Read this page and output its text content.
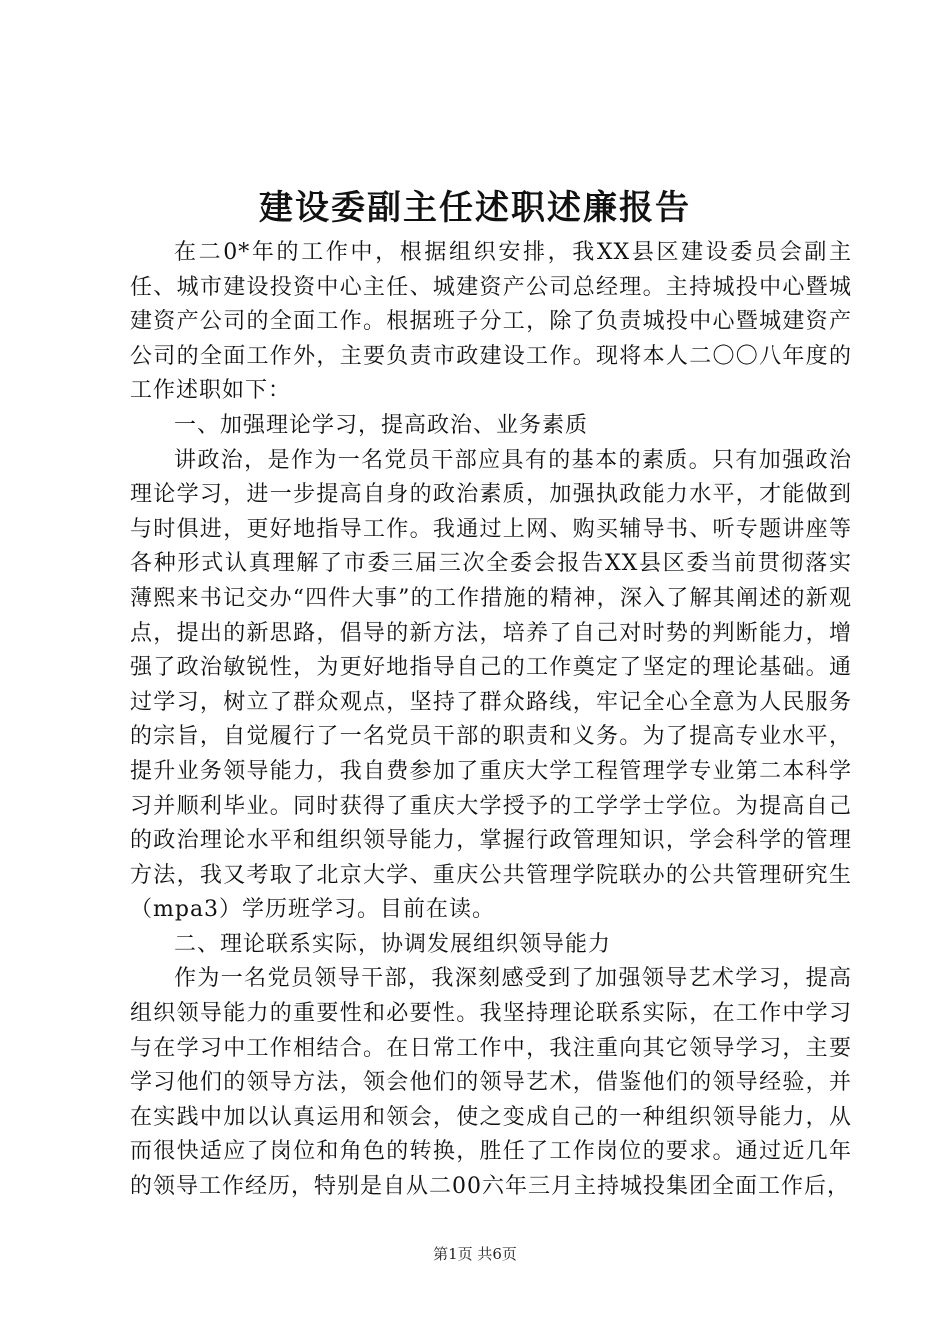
建设委副主任述职述廉报告

在二0*年的工作中，根据组织安排，我XX县区建设委员会副主任、城市建设投资中心主任、城建资产公司总经理。主持城投中心暨城建资产公司的全面工作。根据班子分工，除了负责城投中心暨城建资产公司的全面工作外，主要负责市政建设工作。现将本人二〇〇八年度的工作述职如下：

一、加强理论学习，提高政治、业务素质

讲政治，是作为一名党员干部应具有的基本的素质。只有加强政治理论学习，进一步提高自身的政治素质，加强执政能力水平，才能做到与时俱进，更好地指导工作。我通过上网、购买辅导书、听专题讲座等各种形式认真理解了市委三届三次全委会报告XX县区委当前贯彻落实薄熙来书记交办“四件大事”的工作措施的精神，深入了解其阐述的新观点，提出的新思路，倡导的新方法，培养了自己对时势的判断能力，增强了政治敏锐性，为更好地指导自己的工作奠定了坚定的理论基础。通过学习，树立了群众观点，坚持了群众路线，牢记全心全意为人民服务的宗旨，自觉履行了一名党员干部的职责和义务。为了提高专业水平，提升业务领导能力，我自费参加了重庆大学工程管理学专业第二本科学习并顺利毕业。同时获得了重庆大学授予的工学学士学位。为提高自己的政治理论水平和组织领导能力，掌握行政管理知识，学会科学的管理方法，我又考取了北京大学、重庆公共管理学院联办的公共管理研究生（mpa3）学历班学习。目前在读。

二、理论联系实际，协调发展组织领导能力

作为一名党员领导干部，我深刻感受到了加强领导艺术学习，提高组织领导能力的重要性和必要性。我坚持理论联系实际，在工作中学习与在学习中工作相结合。在日常工作中，我注重向其它领导学习，主要学习他们的领导方法，领会他们的领导艺术，借鉴他们的领导经验，并在实践中加以认真运用和领会，使之变成自己的一种组织领导能力，从而很快适应了岗位和角色的转换，胜任了工作岗位的要求。通过近几年的领导工作经历，特别是自从二00六年三月主持城投集团全面工作后，

第1页 共6页
